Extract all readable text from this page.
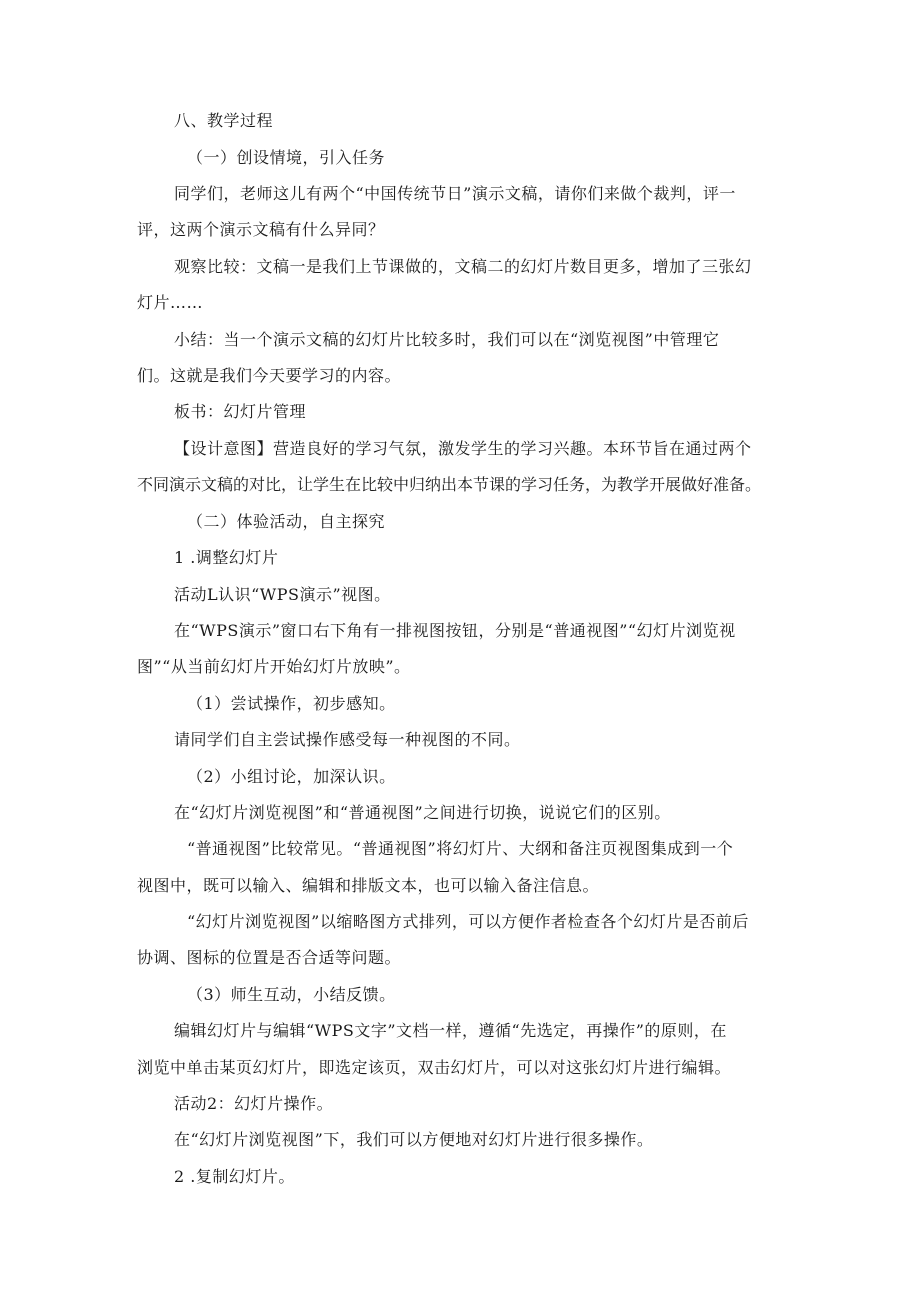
八、教学过程
（一）创设情境，引入任务
同学们，老师这儿有两个“中国传统节日”演示文稿，请你们来做个裁判，评一
评，这两个演示文稿有什么异同？
观察比较：文稿一是我们上节课做的，文稿二的幻灯片数目更多，增加了三张幻
灯片……
小结：当一个演示文稿的幻灯片比较多时，我们可以在“浏览视图”中管理它
们。这就是我们今天要学习的内容。
板书：幻灯片管理
【设计意图】营造良好的学习气氛，激发学生的学习兴趣。本环节旨在通过两个
不同演示文稿的对比，让学生在比较中归纳出本节课的学习任务，为教学开展做好准备。
（二）体验活动，自主探究
1 .调整幻灯片
活动L认识“WPS演示”视图。
在“WPS演示”窗口右下角有一排视图按钮，分别是“普通视图”“幻灯片浏览视
图”“从当前幻灯片开始幻灯片放映”。
（1）尝试操作，初步感知。
请同学们自主尝试操作感受每一种视图的不同。
（2）小组讨论，加深认识。
在“幻灯片浏览视图”和“普通视图”之间进行切换，说说它们的区别。
“普通视图”比较常见。“普通视图”将幻灯片、大纲和备注页视图集成到一个
视图中，既可以输入、编辑和排版文本，也可以输入备注信息。
“幻灯片浏览视图”以缩略图方式排列，可以方便作者检查各个幻灯片是否前后
协调、图标的位置是否合适等问题。
（3）师生互动，小结反馈。
编辑幻灯片与编辑“WPS文字”文档一样，遵循“先选定，再操作”的原则，在
浏览中单击某页幻灯片，即选定该页，双击幻灯片，可以对这张幻灯片进行编辑。
活动2：幻灯片操作。
在“幻灯片浏览视图”下，我们可以方便地对幻灯片进行很多操作。
2 .复制幻灯片。
